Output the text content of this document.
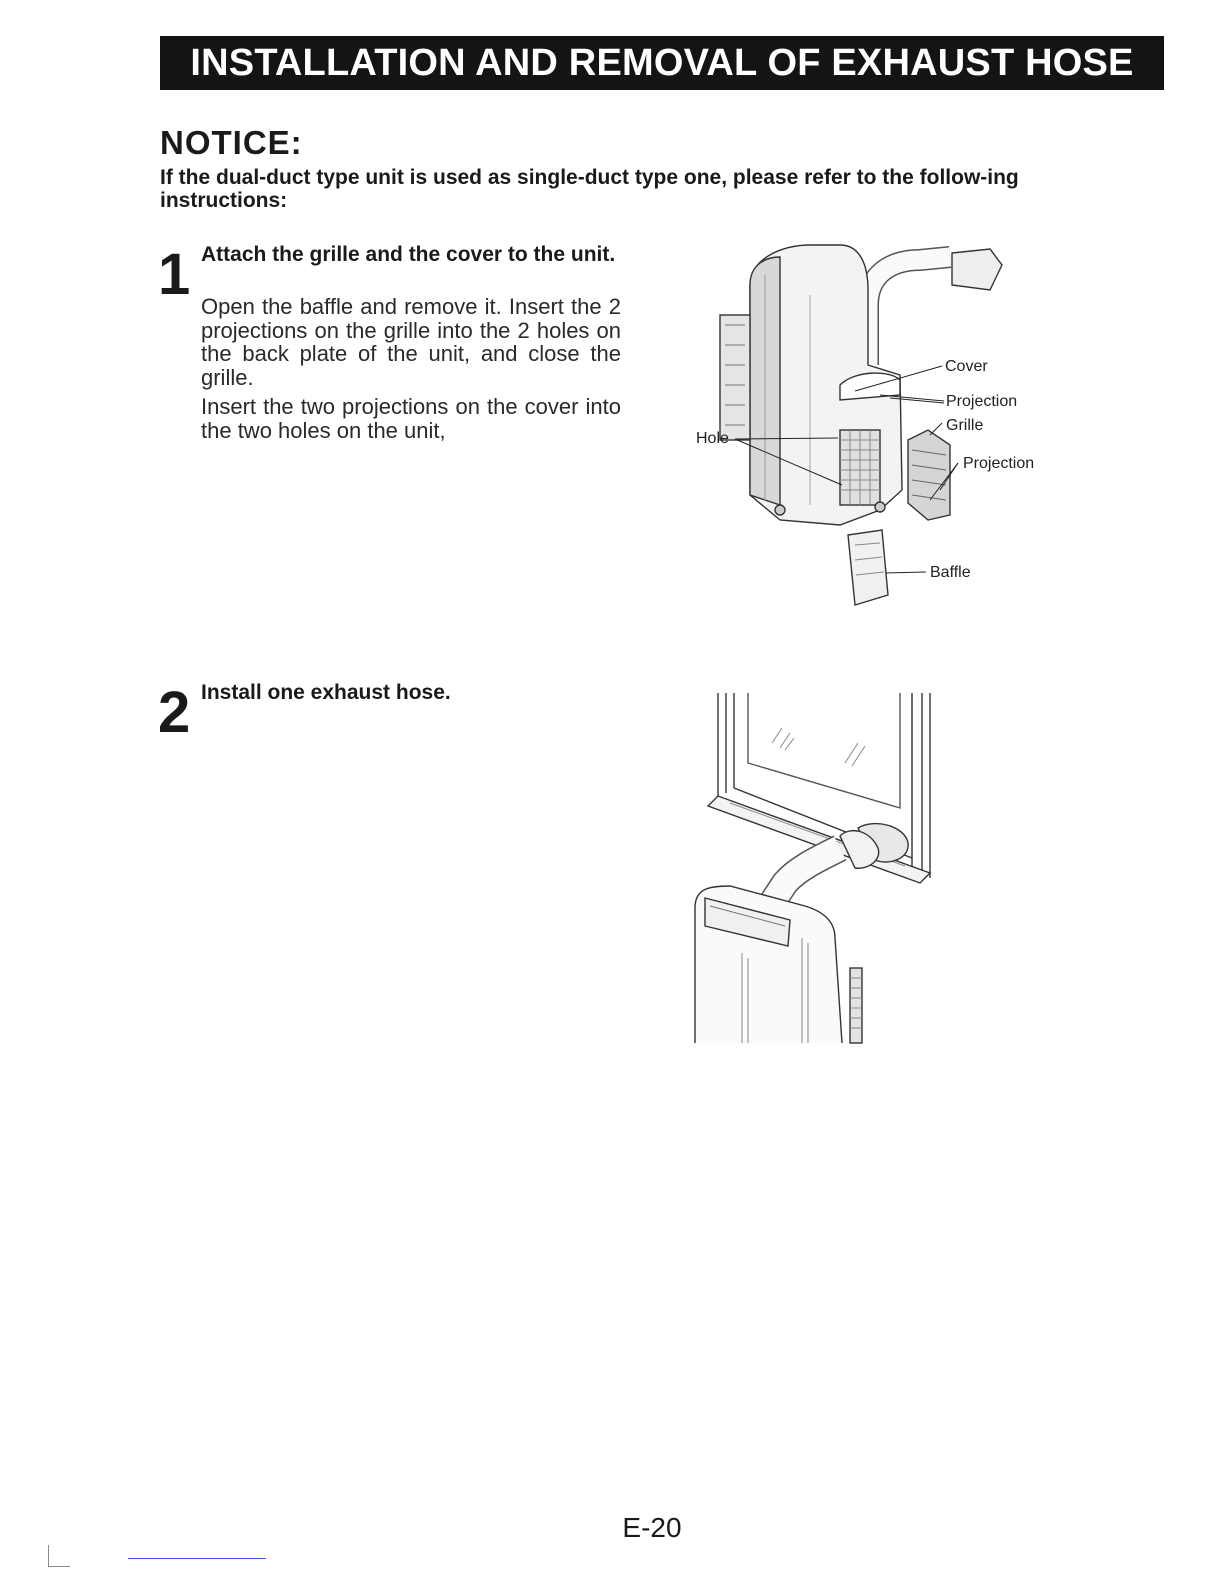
INSTALLATION AND REMOVAL OF EXHAUST HOSE
NOTICE:
If the dual-duct type unit is used as single-duct type one, please refer to the follow-ing instructions:
1 Attach the grille and the cover to the unit.

Open the baffle and remove it. Insert the 2 projections on the grille into the 2 holes on the back plate of the unit, and close the grille.

Insert the two projections on the cover into the two holes on the unit,

Cover
Projection
Grille
Projection
Hole
Baffle
2 Install one exhaust hose.
E-20
